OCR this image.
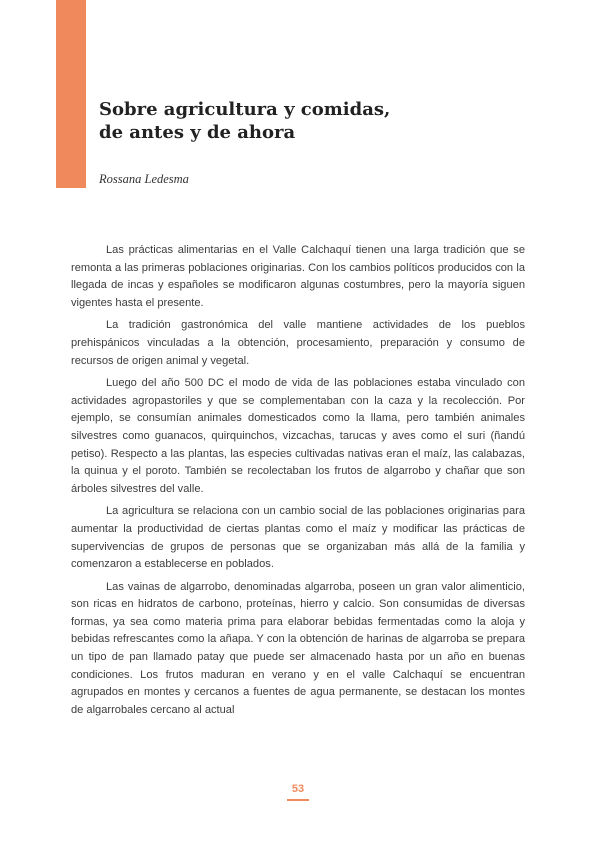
Sobre agricultura y comidas,
de antes y de ahora

Rossana Ledesma

Las prácticas alimentarias en el Valle Calchaquí tienen una larga tradición que se remonta a las primeras poblaciones originarias. Con los cambios políticos producidos con la llegada de incas y españoles se modificaron algunas costumbres, pero la mayoría siguen vigentes hasta el presente.

La tradición gastronómica del valle mantiene actividades de los pueblos prehispánicos vinculadas a la obtención, procesamiento, preparación y consumo de recursos de origen animal y vegetal.

Luego del año 500 DC el modo de vida de las poblaciones estaba vinculado con actividades agropastoriles y que se complementaban con la caza y la recolección. Por ejemplo, se consumían animales domesticados como la llama, pero también animales silvestres como guanacos, quirquinchos, vizcachas, tarucas y aves como el suri (ñandú petiso). Respecto a las plantas, las especies cultivadas nativas eran el maíz, las calabazas, la quinua y el poroto. También se recolectaban los frutos de algarrobo y chañar que son árboles silvestres del valle.

La agricultura se relaciona con un cambio social de las poblaciones originarias para aumentar la productividad de ciertas plantas como el maíz y modificar las prácticas de supervivencias de grupos de personas que se organizaban más allá de la familia y comenzaron a establecerse en poblados.

Las vainas de algarrobo, denominadas algarroba, poseen un gran valor alimenticio, son ricas en hidratos de carbono, proteínas, hierro y calcio. Son consumidas de diversas formas, ya sea como materia prima para elaborar bebidas fermentadas como la aloja y bebidas refrescantes como la añapa. Y con la obtención de harinas de algarroba se prepara un tipo de pan llamado patay que puede ser almacenado hasta por un año en buenas condiciones. Los frutos maduran en verano y en el valle Calchaquí se encuentran agrupados en montes y cercanos a fuentes de agua permanente, se destacan los montes de algarrobales cercano al actual

53
